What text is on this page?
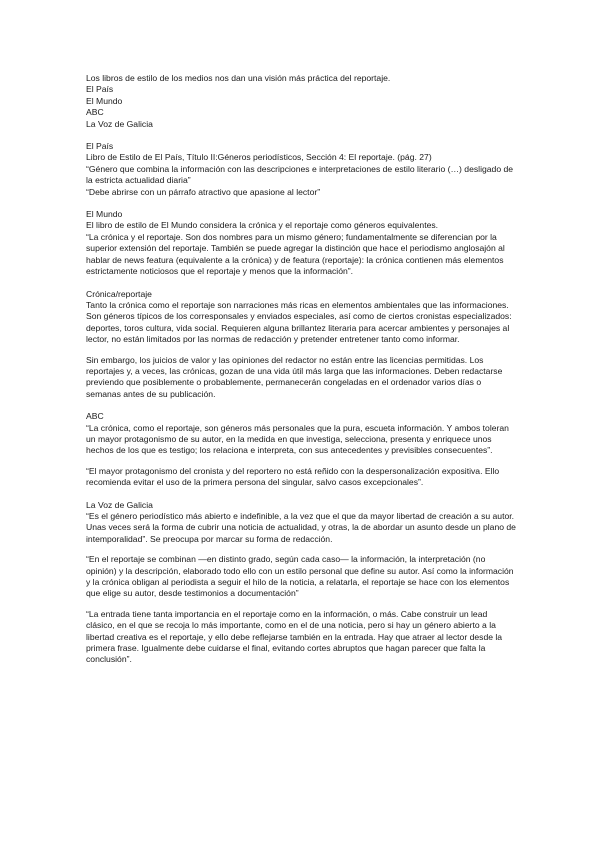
Los libros de estilo de los medios nos dan una visión más práctica del reportaje.

El País

El Mundo

ABC

La Voz de Galicia

El País

Libro de Estilo de El País, Título II:Géneros periodísticos, Sección 4: El reportaje. (pág. 27)

“Género que combina la información con las descripciones e interpretaciones de estilo literario (…) desligado de la estricta actualidad diaria”

“Debe abrirse con un párrafo atractivo que apasione al lector”

El Mundo

El libro de estilo de El Mundo considera la crónica y el reportaje como géneros equivalentes.

“La crónica y el reportaje. Son dos nombres para un mismo género; fundamentalmente se diferencian por la superior extensión del reportaje. También se puede agregar la distinción que hace el periodismo anglosajón al hablar de news featura (equivalente a la crónica) y de featura (reportaje): la crónica contienen más elementos estrictamente noticiosos que el reportaje y menos que la información”.

Crónica/reportaje

Tanto la crónica como el reportaje son narraciones más ricas en elementos ambientales que las informaciones. Son géneros típicos de los corresponsales y enviados especiales, así como de ciertos cronistas especializados: deportes, toros cultura, vida social. Requieren alguna brillantez literaria para acercar ambientes y personajes al lector, no están limitados por las normas de redacción y pretender entretener tanto como informar.

Sin embargo, los juicios de valor y las opiniones del redactor no están entre las licencias permitidas. Los reportajes y, a veces, las crónicas, gozan de una vida útil más larga que las informaciones. Deben redactarse previendo que posiblemente o probablemente, permanecerán congeladas en el ordenador varios días o semanas antes de su publicación.

ABC

“La crónica, como el reportaje, son géneros más personales que la pura, escueta información. Y ambos toleran un mayor protagonismo de su autor, en la medida en que investiga, selecciona, presenta y enriquece unos hechos de los que es testigo; los relaciona e interpreta, con sus antecedentes y previsibles consecuentes”.

“El mayor protagonismo del cronista y del reportero no está reñido con la despersonalización expositiva. Ello recomienda evitar el uso de la primera persona del singular, salvo casos excepcionales”.

La Voz de Galicia

“Es el género periodístico más abierto e indefinible, a la vez que el que da mayor libertad de creación a su autor. Unas veces será la forma de cubrir una noticia de actualidad, y otras, la de abordar un asunto desde un plano de intemporalidad”. Se preocupa por marcar su forma de redacción.

“En el reportaje se combinan —en distinto grado, según cada caso— la información, la interpretación (no opinión) y la descripción, elaborado todo ello con un estilo personal que define su autor. Así como la información y la crónica obligan al periodista a seguir el hilo de la noticia, a relatarla, el reportaje se hace con los elementos que elige su autor, desde testimonios a documentación”

“La entrada tiene tanta importancia en el reportaje como en la información, o más. Cabe construir un lead clásico, en el que se recoja lo más importante, como en el de una noticia, pero si hay un género abierto a la libertad creativa es el reportaje, y ello debe reflejarse también en la entrada. Hay que atraer al lector desde la primera frase. Igualmente debe cuidarse el final, evitando cortes abruptos que hagan parecer que falta la conclusión”.
